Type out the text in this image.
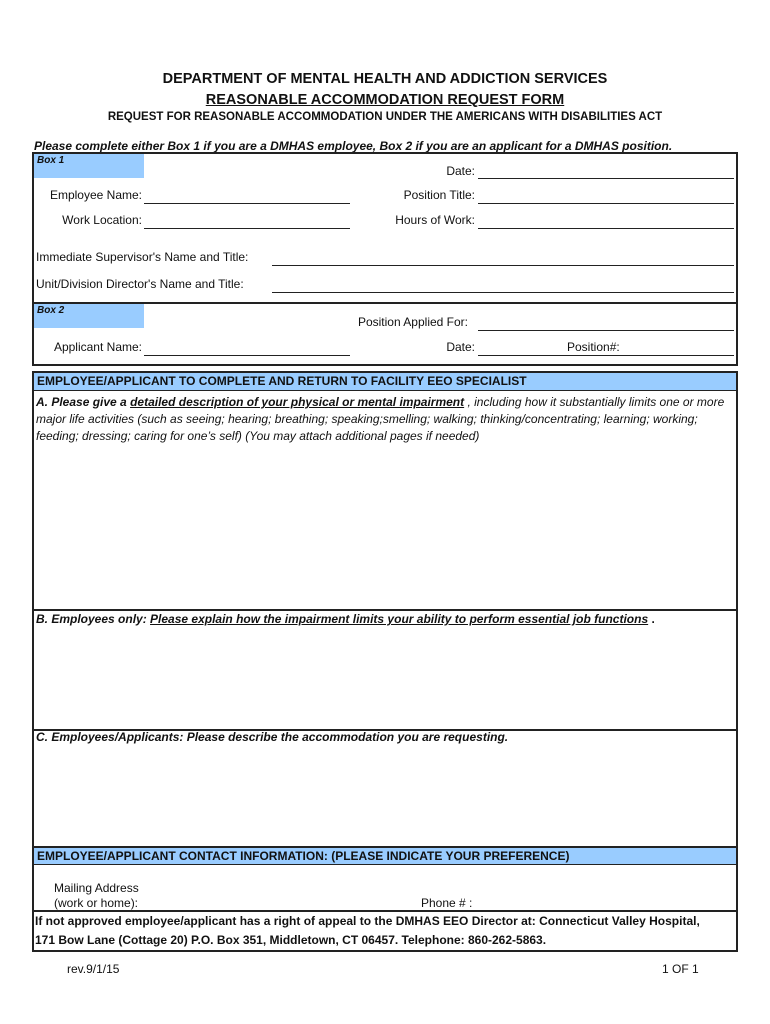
DEPARTMENT OF MENTAL HEALTH AND ADDICTION SERVICES
REASONABLE ACCOMMODATION REQUEST FORM
REQUEST FOR REASONABLE ACCOMMODATION UNDER THE AMERICANS WITH DISABILITIES ACT
Please complete either Box 1 if you are a DMHAS employee, Box 2 if you are an applicant for a DMHAS position.
Box 1
Date:
Employee Name:	Position Title:
Work Location:	Hours of Work:
Immediate Supervisor's Name and Title:
Unit/Division Director's Name and Title:
Box 2
Position Applied For:
Applicant Name:	Date:	Position#:
EMPLOYEE/APPLICANT TO COMPLETE AND RETURN TO FACILITY EEO SPECIALIST
A. Please give a detailed description of your physical or mental impairment , including how it substantially limits one or more major life activities (such as seeing; hearing; breathing; speaking;smelling; walking; thinking/concentrating; learning; working; feeding; dressing; caring for one’s self) (You may attach additional pages if needed)
B. Employees only: Please explain how the impairment limits your ability to perform essential job functions .
C. Employees/Applicants: Please describe the accommodation you are requesting.
EMPLOYEE/APPLICANT CONTACT INFORMATION: (PLEASE INDICATE YOUR PREFERENCE)
Mailing Address
(work or home):	Phone # :
If not approved employee/applicant has a right of appeal to the DMHAS EEO Director at: Connecticut Valley Hospital,
171 Bow Lane (Cottage 20) P.O. Box 351, Middletown, CT 06457. Telephone: 860-262-5863.
rev.9/1/15	1 OF 1
